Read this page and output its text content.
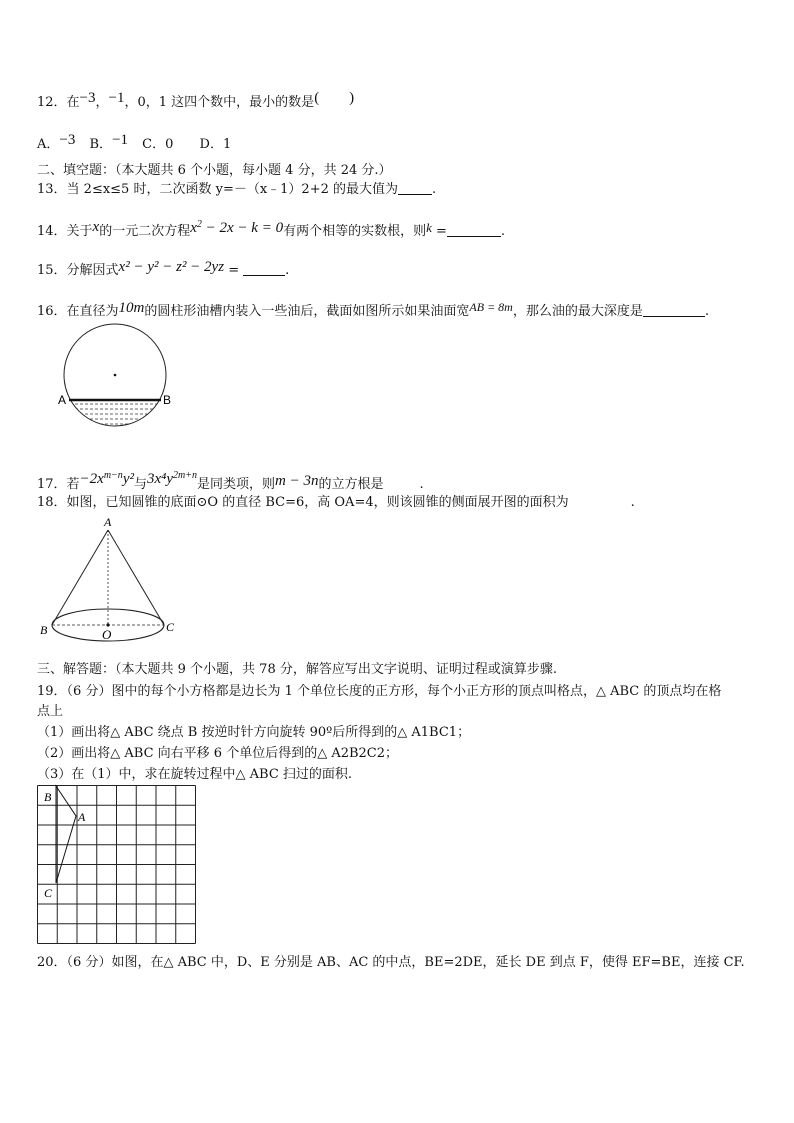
12．在−3，−1，0，1 这四个数中，最小的数是(　　)
A．−3 B．−1 C．0 D．1
二、填空题：（本大题共 6 个小题，每小题 4 分，共 24 分.）
13．当 2≤x≤5 时，二次函数 y=－（x﹣1）2+2 的最大值为	.
14．关于x的一元二次方程$x^2 - 2x - k = 0$有两个相等的实数根，则k =	.
15．分解因式x² − y² − z² − 2yz =	.
16．在直径为10m的圆柱形油槽内装入一些油后，截面如图所示如果油面宽AB = 8m，那么油的最大深度是	.
A	B
17．若$-2x^{m-n}y^2$与$3x^4y^{2m+n}$是同类项，则m − 3n的立方根是	.
18．如图，已知圆锥的底面⊙O 的直径 BC=6，高 OA=4，则该圆锥的侧面展开图的面积为	.
A
B	C
O
三、解答题：（本大题共 9 个小题，共 78 分，解答应写出文字说明、证明过程或演算步骤.
19．（6 分）图中的每个小方格都是边长为 1 个单位长度的正方形，每个小正方形的顶点叫格点，△ ABC 的顶点均在格
点上
（1）画出将△ ABC 绕点 B 按逆时针方向旋转 90º后所得到的△ A1BC1；
（2）画出将△ ABC 向右平移 6 个单位后得到的△ A2B2C2；
（3）在（1）中，求在旋转过程中△ ABC 扫过的面积.
B
A
C
20．（6 分）如图，在△ ABC 中，D、E 分别是 AB、AC 的中点，BE=2DE，延长 DE 到点 F，使得 EF=BE，连接 CF.
